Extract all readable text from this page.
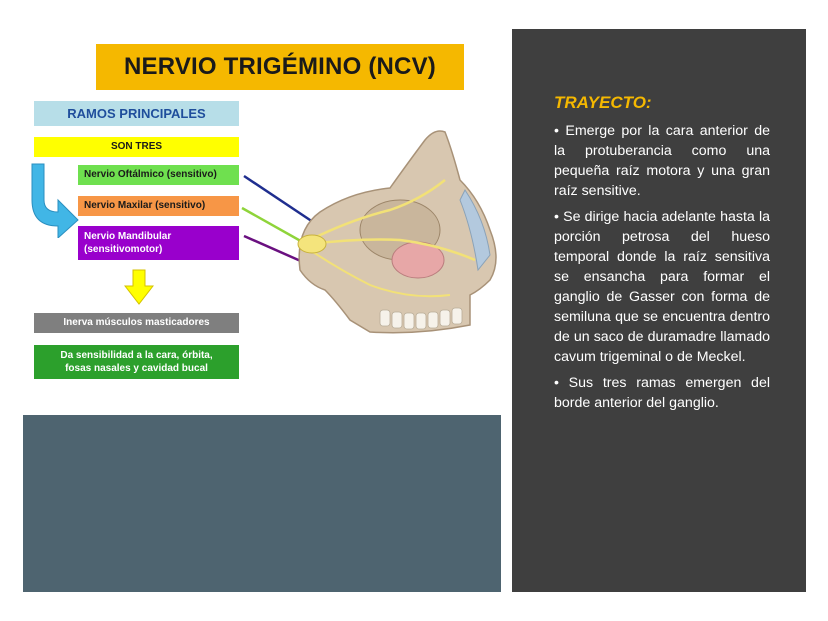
NERVIO TRIGÉMINO (NCV)
RAMOS PRINCIPALES
SON TRES
Nervio Oftálmico (sensitivo)
Nervio Maxilar (sensitivo)
Nervio Mandibular
(sensitivomotor)
Inerva músculos masticadores
Da sensibilidad a la cara, órbita,
fosas nasales y cavidad bucal
TRAYECTO:

• Emerge por la cara anterior de la protuberancia como una pequeña raíz motora y una gran raíz sensitive.

• Se dirige hacia adelante hasta la porción petrosa del hueso temporal donde la raíz sensitiva se ensancha para formar el ganglio de Gasser con forma de semiluna que se encuentra dentro de un saco de duramadre llamado cavum trigeminal o de Meckel.

• Sus tres ramas emergen del borde anterior del ganglio.
